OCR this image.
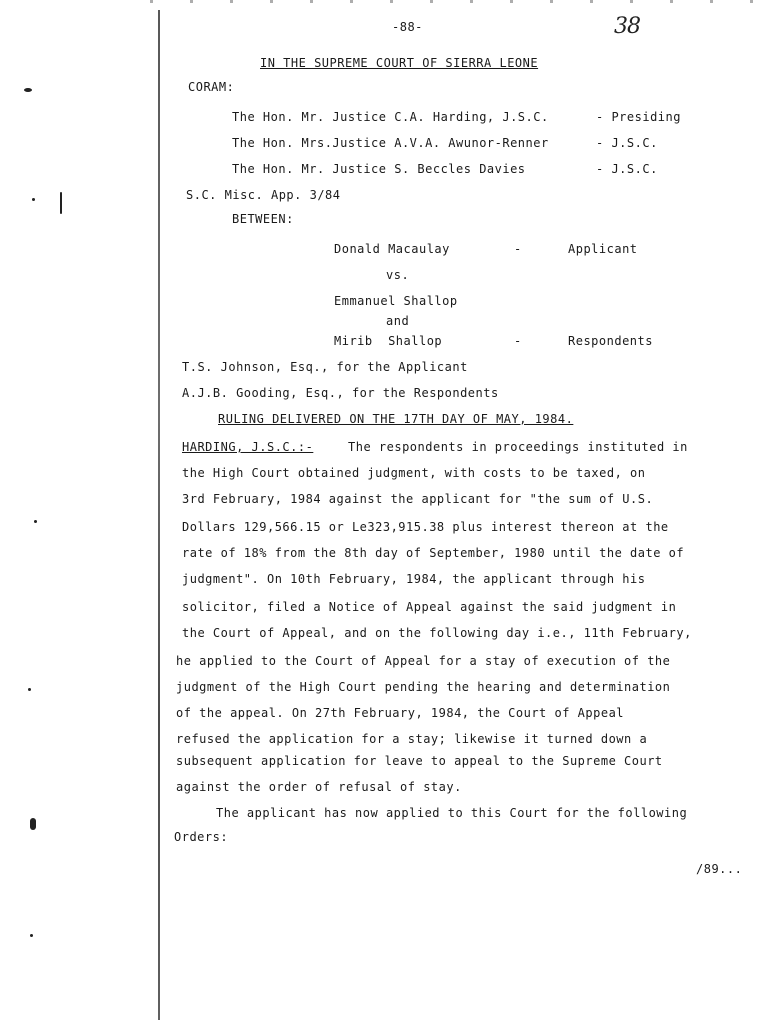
-88-	38
IN THE SUPREME COURT OF SIERRA LEONE
CORAM:
The Hon. Mr. Justice C.A. Harding, J.S.C.	- Presiding
The Hon. Mrs.Justice A.V.A. Awunor-Renner	- J.S.C.
The Hon. Mr. Justice S. Beccles Davies	- J.S.C.
S.C. Misc. App. 3/84
BETWEEN:
Donald Macaulay	-	Applicant
vs.
Emmanuel Shallop
and
Mirib  Shallop	-	Respondents
T.S. Johnson, Esq., for the Applicant
A.J.B. Gooding, Esq., for the Respondents
RULING DELIVERED ON THE 17TH DAY OF MAY, 1984.
HARDING, J.S.C.:-	The respondents in proceedings instituted in
the High Court obtained judgment, with costs to be taxed, on
3rd February, 1984 against the applicant for "the sum of U.S.
Dollars 129,566.15 or Le323,915.38 plus interest thereon at the
rate of 18% from the 8th day of September, 1980 until the date of
judgment". On 10th February, 1984, the applicant through his
solicitor, filed a Notice of Appeal against the said judgment in
the Court of Appeal, and on the following day i.e., 11th February,
he applied to the Court of Appeal for a stay of execution of the
judgment of the High Court pending the hearing and determination
of the appeal. On 27th February, 1984, the Court of Appeal
refused the application for a stay; likewise it turned down a
subsequent application for leave to appeal to the Supreme Court
against the order of refusal of stay.
The applicant has now applied to this Court for the following
Orders:
/89...
